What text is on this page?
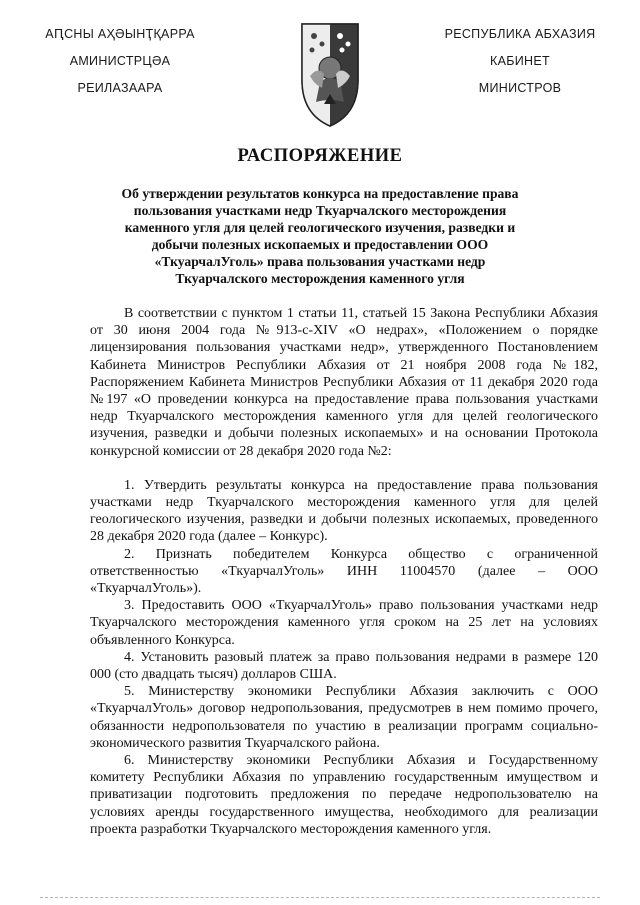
АԤСНЫ АҲӘЫНҬҚАРРА
АМИНИСТРЦӘА
РЕИЛАЗААРА
РЕСПУБЛИКА АБХАЗИЯ
КАБИНЕТ
МИНИСТРОВ
РАСПОРЯЖЕНИЕ
Об утверждении результатов конкурса на предоставление права пользования участками недр Ткуарчалского месторождения каменного угля для целей геологического изучения, разведки и добычи полезных ископаемых и предоставлении ООО «ТкуарчалУголь» права пользования участками недр Ткуарчалского месторождения каменного угля

В соответствии с пунктом 1 статьи 11, статьей 15 Закона Республики Абхазия от 30 июня 2004 года №913-с-XIV «О недрах», «Положением о порядке лицензирования пользования участками недр», утвержденного Постановлением Кабинета Министров Республики Абхазия от 21 ноября 2008 года №182, Распоряжением Кабинета Министров Республики Абхазия от 11 декабря 2020 года №197 «О проведении конкурса на предоставление права пользования участками недр Ткуарчалского месторождения каменного угля для целей геологического изучения, разведки и добычи полезных ископаемых» и на основании Протокола конкурсной комиссии от 28 декабря 2020 года №2:

1. Утвердить результаты конкурса на предоставление права пользования участками недр Ткуарчалского месторождения каменного угля для целей геологического изучения, разведки и добычи полезных ископаемых, проведенного 28 декабря 2020 года (далее – Конкурс).

2. Признать победителем Конкурса общество с ограниченной ответственностью «ТкуарчалУголь» ИНН 11004570 (далее – ООО «ТкуарчалУголь»).

3. Предоставить ООО «ТкуарчалУголь» право пользования участками недр Ткуарчалского месторождения каменного угля сроком на 25 лет на условиях объявленного Конкурса.

4. Установить разовый платеж за право пользования недрами в размере 120 000 (сто двадцать тысяч) долларов США.

5. Министерству экономики Республики Абхазия заключить с ООО «ТкуарчалУголь» договор недропользования, предусмотрев в нем помимо прочего, обязанности недропользователя по участию в реализации программ социально-экономического развития Ткуарчалского района.

6. Министерству экономики Республики Абхазия и Государственному комитету Республики Абхазия по управлению государственным имуществом и приватизации подготовить предложения по передаче недропользователю на условиях аренды государственного имущества, необходимого для реализации проекта разработки Ткуарчалского месторождения каменного угля.
